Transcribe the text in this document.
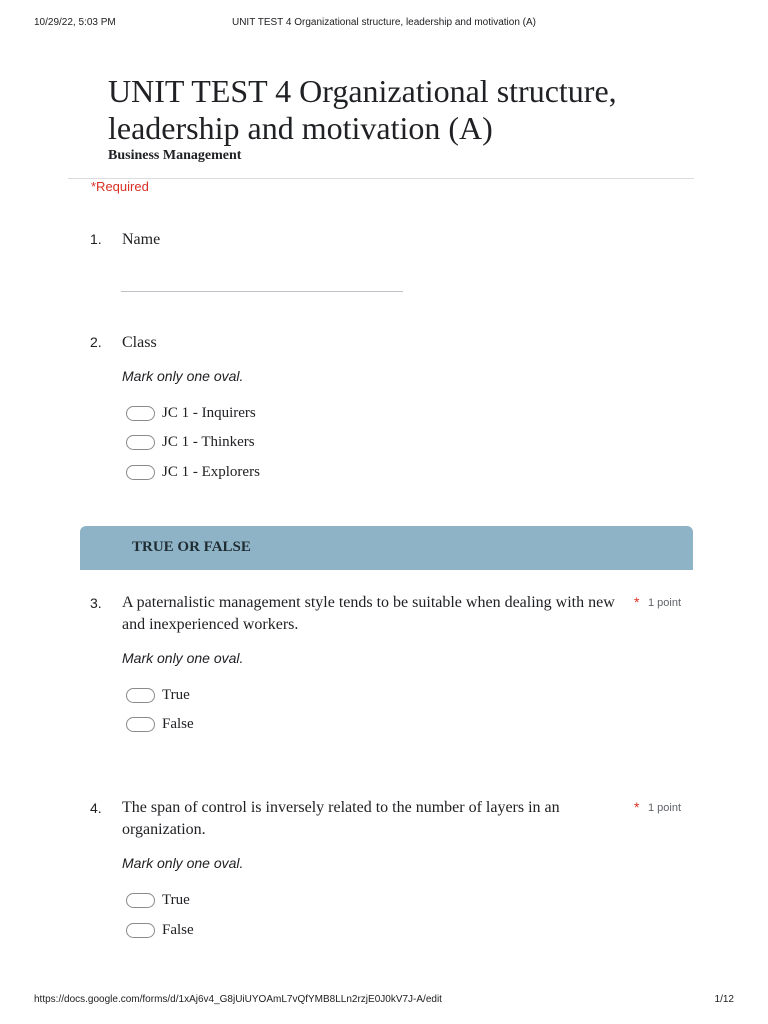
10/29/22, 5:03 PM	UNIT TEST 4 Organizational structure, leadership and motivation (A)
UNIT TEST 4 Organizational structure, leadership and motivation (A)
Business Management
*Required
1. Name
2. Class
Mark only one oval.
JC 1 - Inquirers
JC 1 - Thinkers
JC 1 - Explorers
TRUE OR FALSE
3. A paternalistic management style tends to be suitable when dealing with new and inexperienced workers.
* 1 point
Mark only one oval.
True
False
4. The span of control is inversely related to the number of layers in an organization.
* 1 point
Mark only one oval.
True
False
https://docs.google.com/forms/d/1xAj6v4_G8jUiUYOAmL7vQfYMB8LLn2rzjE0J0kV7J-A/edit	1/12
